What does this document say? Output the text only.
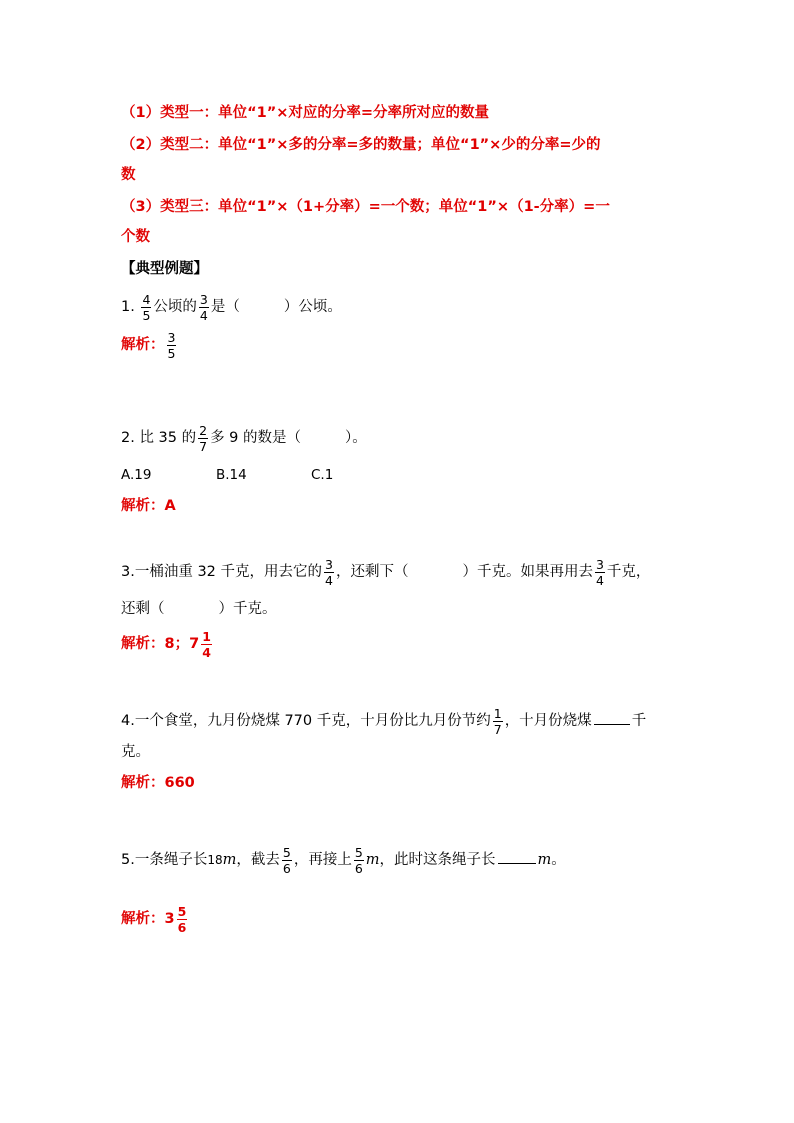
（1）类型一：单位“1”×对应的分率=分率所对应的数量
（2）类型二：单位“1”×多的分率=多的数量；单位“1”×少的分率=少的
数
（3）类型三：单位“1”×（1+分率）=一个数；单位“1”×（1-分率）=一
个数
【典型例题】
1. $\frac{4}{5}$ 公顷的 $\frac{3}{4}$ 是（	）公顷。
解析： $\frac{3}{5}$
2. 比 35 的 $\frac{2}{7}$ 多 9 的数是（	）。
A.19	B.14	C.1
解析：A
3.一桶油重 32 千克，用去它的 $\frac{3}{4}$ ，还剩下（	）千克。如果再用去 $\frac{3}{4}$ 千克，
还剩（	）千克。
解析：8；$7 \frac{1}{4}$
4.一个食堂，九月份烧煤 770 千克，十月份比九月份节约 $\frac{1}{7}$ ，十月份烧煤	千
克。
解析：660
5.一条绳子长18m，截去 $\frac{5}{6}$ ，再接上 $\frac{5}{6}$ m，此时这条绳子长	m。
解析：$3 \frac{5}{6}$
